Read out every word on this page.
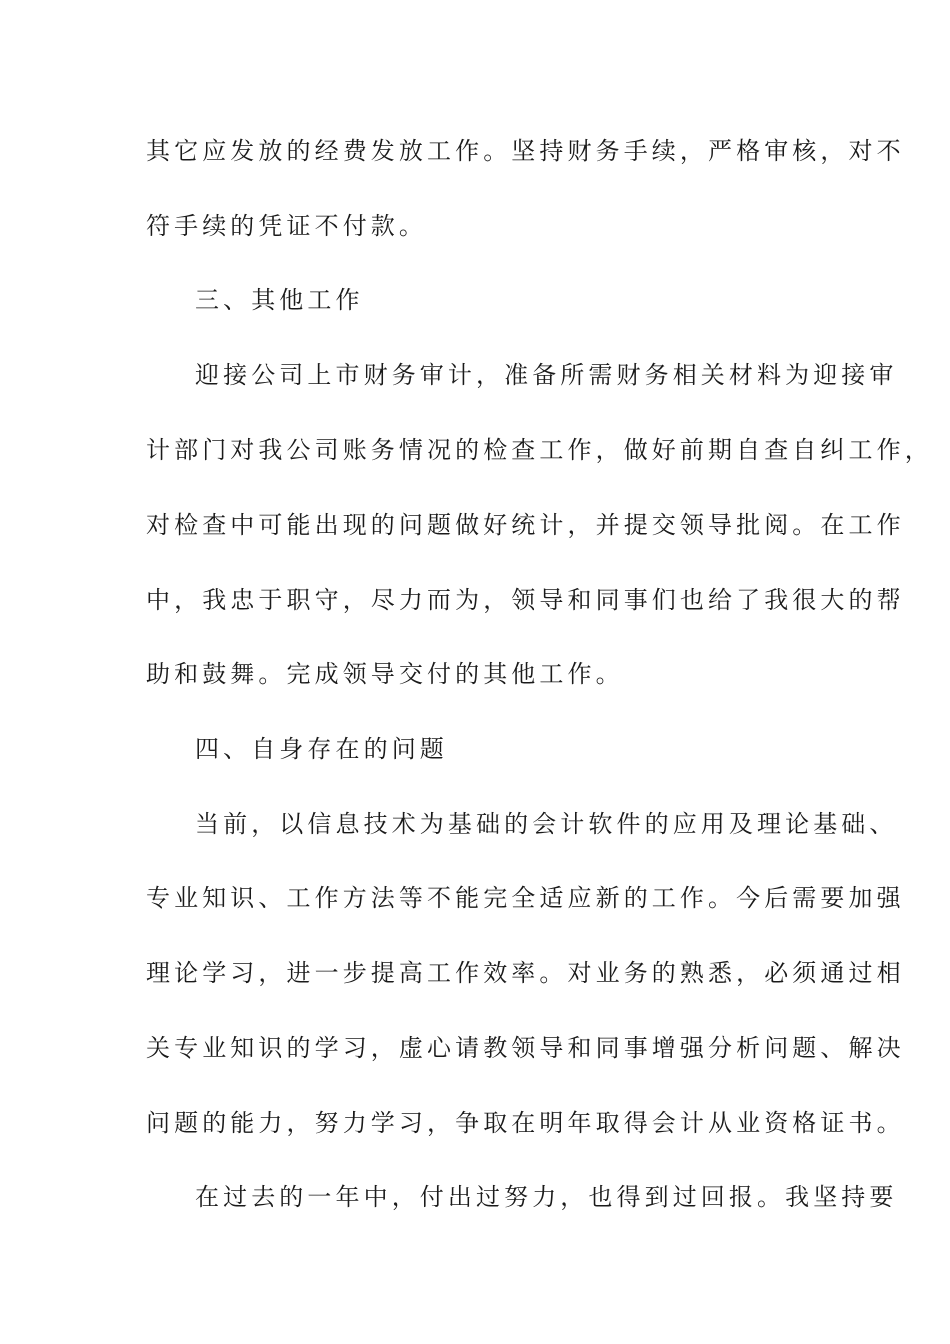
其它应发放的经费发放工作。坚持财务手续，严格审核，对不
符手续的凭证不付款。
三、其他工作
迎接公司上市财务审计，准备所需财务相关材料为迎接审
计部门对我公司账务情况的检查工作，做好前期自查自纠工作，
对检查中可能出现的问题做好统计，并提交领导批阅。在工作
中，我忠于职守，尽力而为，领导和同事们也给了我很大的帮
助和鼓舞。完成领导交付的其他工作。
四、自身存在的问题
当前，以信息技术为基础的会计软件的应用及理论基础、
专业知识、工作方法等不能完全适应新的工作。今后需要加强
理论学习，进一步提高工作效率。对业务的熟悉，必须通过相
关专业知识的学习，虚心请教领导和同事增强分析问题、解决
问题的能力，努力学习，争取在明年取得会计从业资格证书。
在过去的一年中，付出过努力，也得到过回报。我坚持要
